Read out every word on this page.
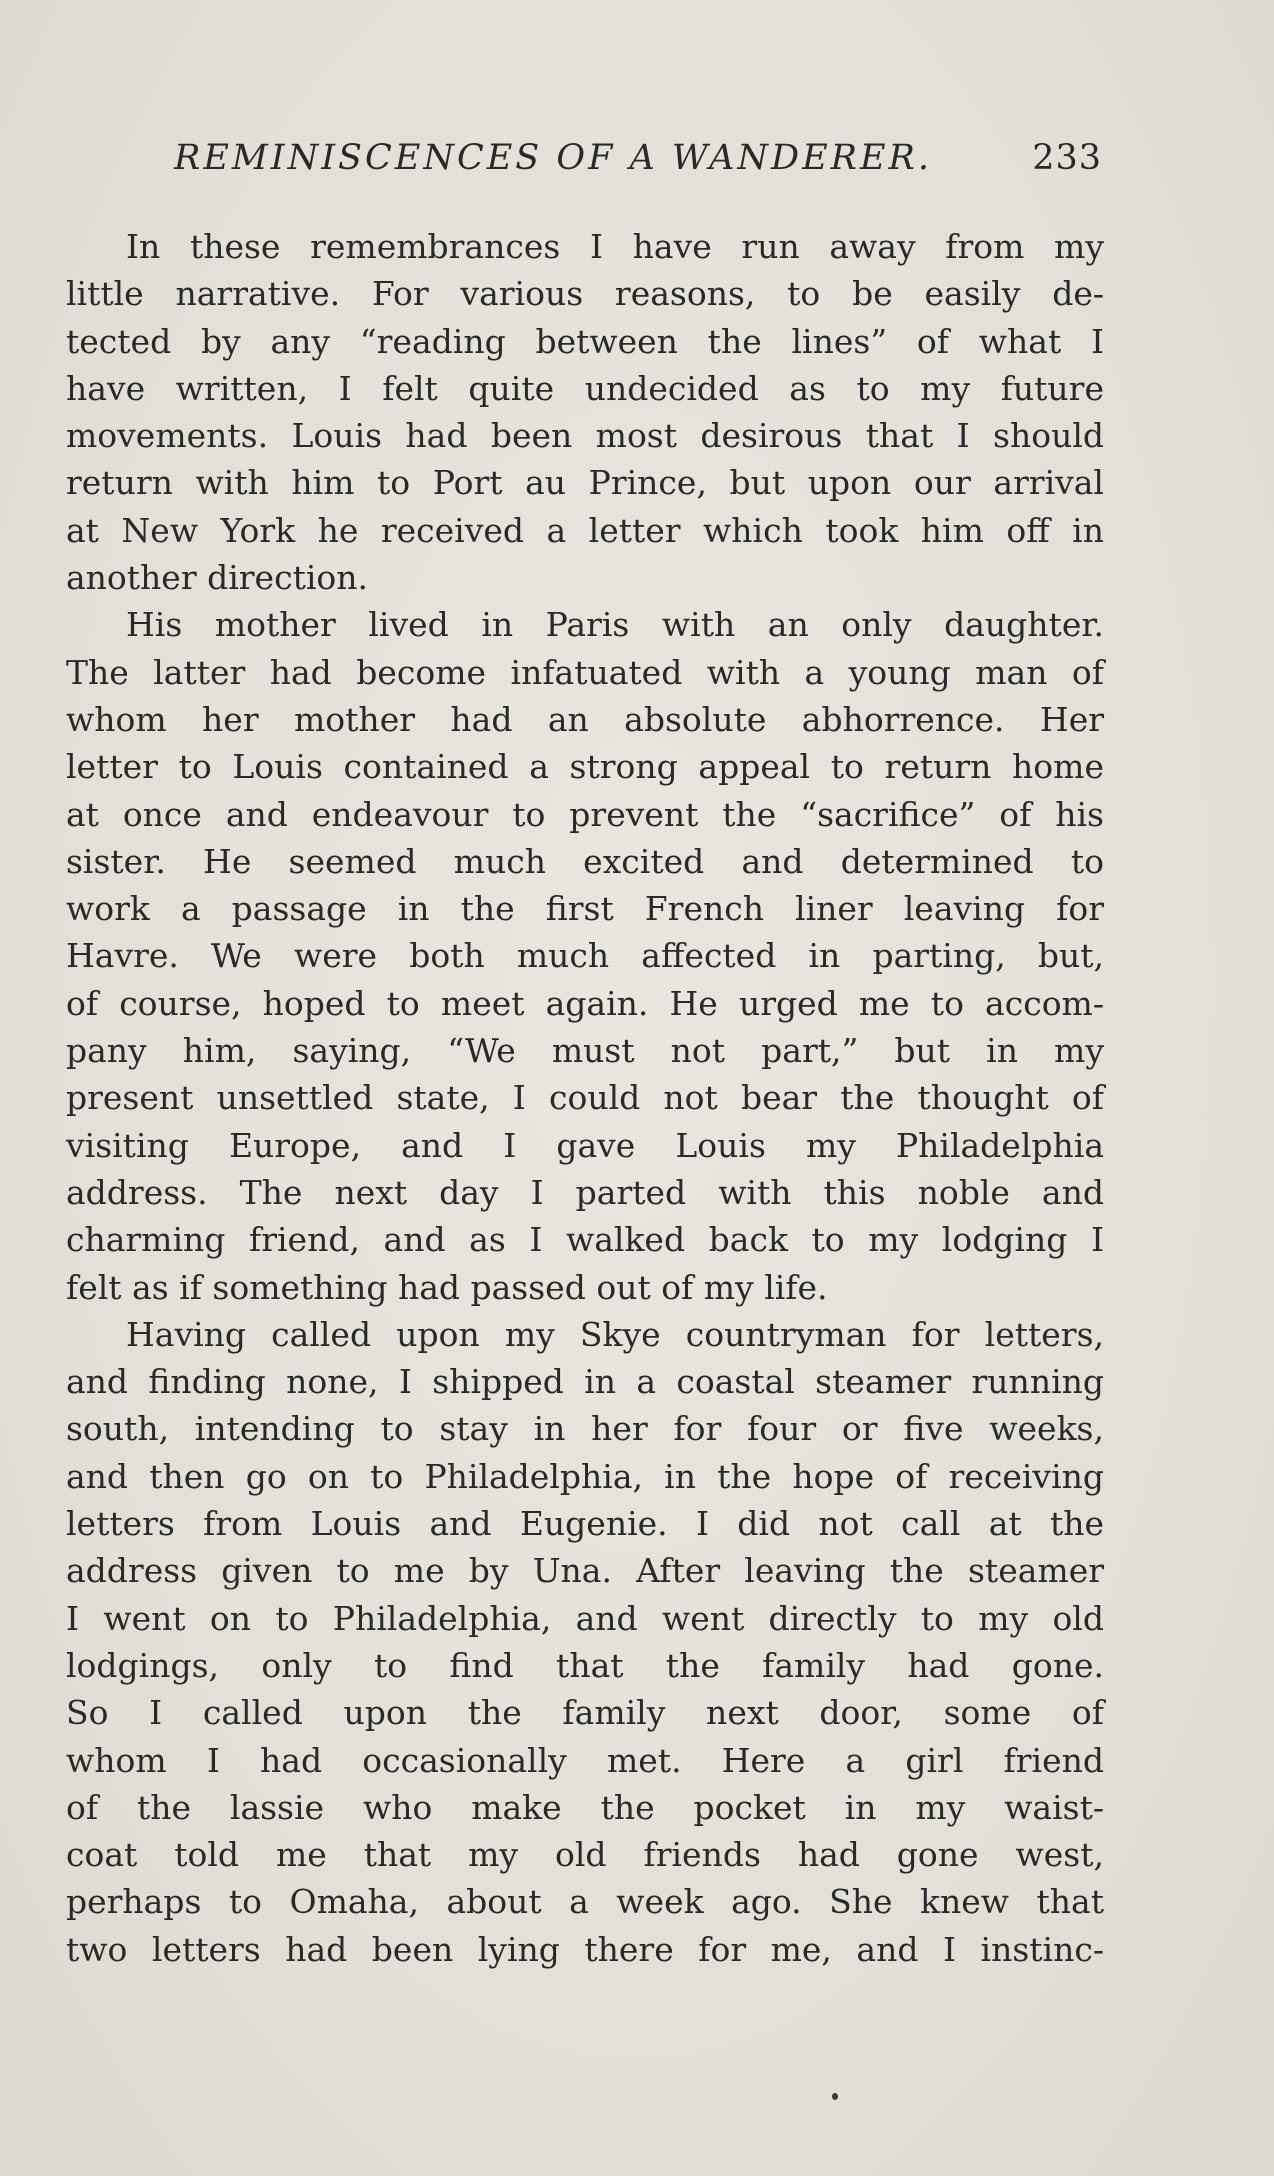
REMINISCENCES OF A WANDERER.	233
In these remembrances I have run away from my
little narrative. For various reasons, to be easily de-
tected by any “reading between the lines” of what I
have written, I felt quite undecided as to my future
movements. Louis had been most desirous that I should
return with him to Port au Prince, but upon our arrival
at New York he received a letter which took him off in
another direction.
His mother lived in Paris with an only daughter.
The latter had become infatuated with a young man of
whom her mother had an absolute abhorrence. Her
letter to Louis contained a strong appeal to return home
at once and endeavour to prevent the “sacrifice” of his
sister. He seemed much excited and determined to
work a passage in the first French liner leaving for
Havre. We were both much affected in parting, but,
of course, hoped to meet again. He urged me to accom-
pany him, saying, “We must not part,” but in my
present unsettled state, I could not bear the thought of
visiting Europe, and I gave Louis my Philadelphia
address. The next day I parted with this noble and
charming friend, and as I walked back to my lodging I
felt as if something had passed out of my life.
Having called upon my Skye countryman for letters,
and finding none, I shipped in a coastal steamer running
south, intending to stay in her for four or five weeks,
and then go on to Philadelphia, in the hope of receiving
letters from Louis and Eugenie. I did not call at the
address given to me by Una. After leaving the steamer
I went on to Philadelphia, and went directly to my old
lodgings, only to find that the family had gone.
So I called upon the family next door, some of
whom I had occasionally met. Here a girl friend
of the lassie who make the pocket in my waist-
coat told me that my old friends had gone west,
perhaps to Omaha, about a week ago. She knew that
two letters had been lying there for me, and I instinc-
